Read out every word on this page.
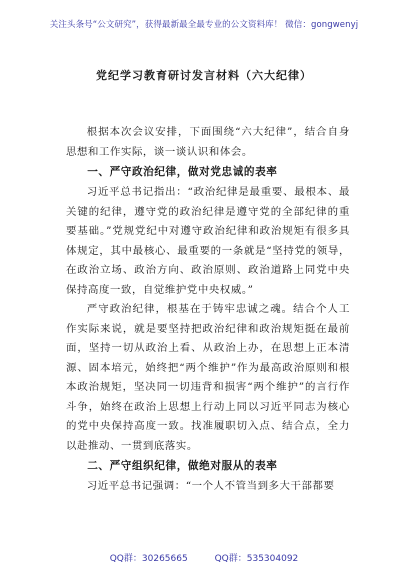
关注头条号“公文研究”，获得最新最全最专业的公文资料库！ 微信：gongwenyj
党纪学习教育研讨发言材料（六大纪律）

根据本次会议安排，下面围绕“六大纪律”，结合自身思想和工作实际，谈一谈认识和体会。

一、严守政治纪律，做对党忠诚的表率

习近平总书记指出：“政治纪律是最重要、最根本、最关键的纪律，遵守党的政治纪律是遵守党的全部纪律的重要基础。”党规党纪中对遵守政治纪律和政治规矩有很多具体规定，其中最核心、最重要的一条就是“坚持党的领导，在政治立场、政治方向、政治原则、政治道路上同党中央保持高度一致，自觉维护党中央权威。”

严守政治纪律，根基在于铸牢忠诚之魂。结合个人工作实际来说，就是要坚持把政治纪律和政治规矩挺在最前面，坚持一切从政治上看、从政治上办，在思想上正本清源、固本培元，始终把“两个维护”作为最高政治原则和根本政治规矩，坚决同一切违背和损害“两个维护”的言行作斗争，始终在政治上思想上行动上同以习近平同志为核心的党中央保持高度一致。找准履职切入点、结合点，全力以赴推动、一贯到底落实。

二、严守组织纪律，做绝对服从的表率

习近平总书记强调：“一个人不管当到多大干部都要

QQ群：30265665	QQ群：535304092
